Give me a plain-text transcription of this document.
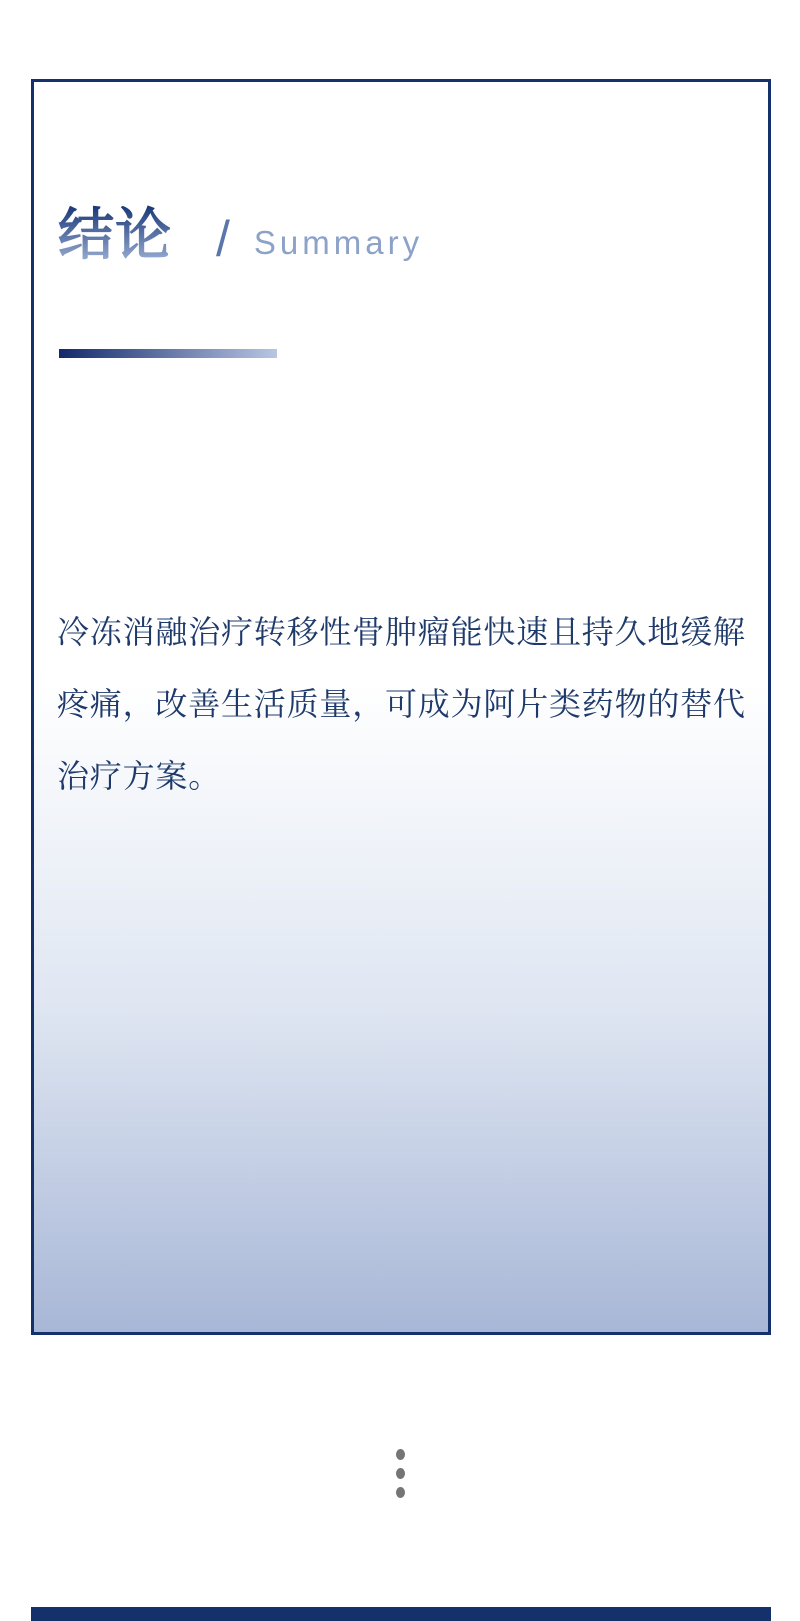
结论 / Summary
冷冻消融治疗转移性骨肿瘤能快速且持久地缓解
疼痛，改善生活质量，可成为阿片类药物的替代
治疗方案。
